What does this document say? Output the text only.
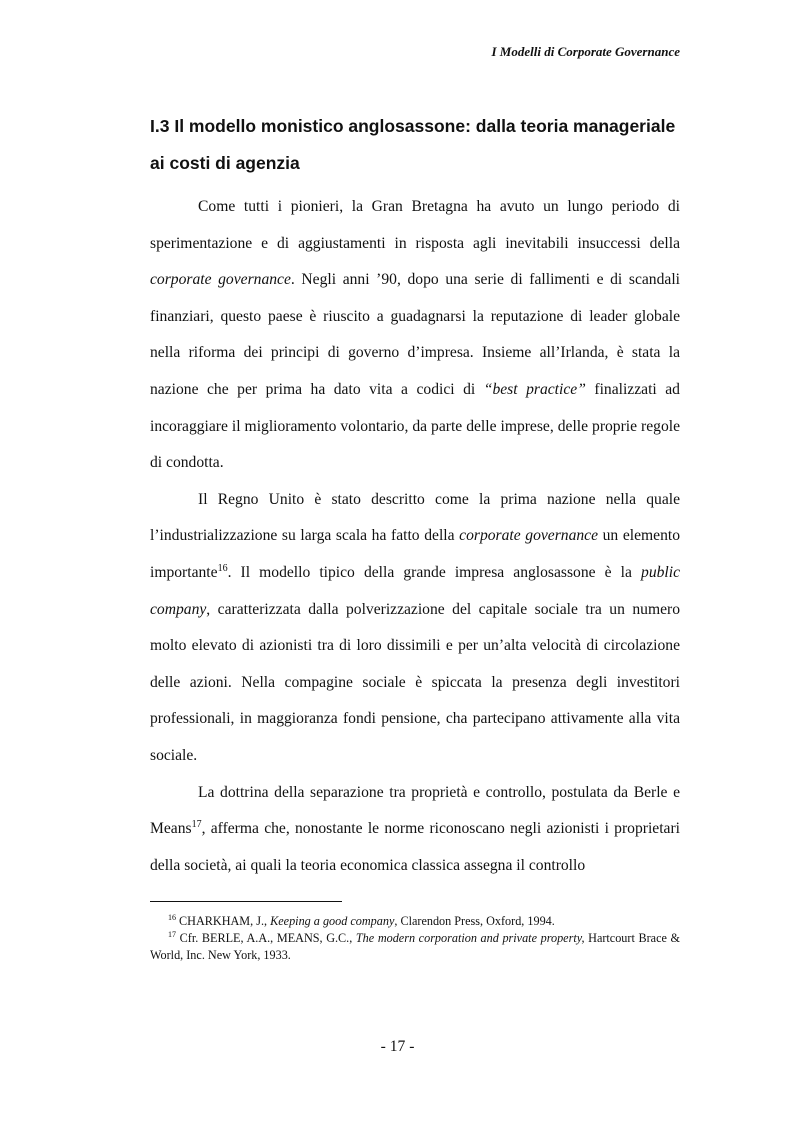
I Modelli di Corporate Governance
I.3 Il modello monistico anglosassone: dalla teoria manageriale ai costi di agenzia

Come tutti i pionieri, la Gran Bretagna ha avuto un lungo periodo di sperimentazione e di aggiustamenti in risposta agli inevitabili insuccessi della corporate governance. Negli anni ’90, dopo una serie di fallimenti e di scandali finanziari, questo paese è riuscito a guadagnarsi la reputazione di leader globale nella riforma dei principi di governo d’impresa. Insieme all’Irlanda, è stata la nazione che per prima ha dato vita a codici di “best practice” finalizzati ad incoraggiare il miglioramento volontario, da parte delle imprese, delle proprie regole di condotta.

Il Regno Unito è stato descritto come la prima nazione nella quale l’industrializzazione su larga scala ha fatto della corporate governance un elemento importante$^{16}$. Il modello tipico della grande impresa anglosassone è la public company, caratterizzata dalla polverizzazione del capitale sociale tra un numero molto elevato di azionisti tra di loro dissimili e per un’alta velocità di circolazione delle azioni. Nella compagine sociale è spiccata la presenza degli investitori professionali, in maggioranza fondi pensione, cha partecipano attivamente alla vita sociale.

La dottrina della separazione tra proprietà e controllo, postulata da Berle e Means$^{17}$, afferma che, nonostante le norme riconoscano negli azionisti i proprietari della società, ai quali la teoria economica classica assegna il controllo

$^{16}$ CHARKHAM, J., Keeping a good company, Clarendon Press, Oxford, 1994.

$^{17}$ Cfr. BERLE, A.A., MEANS, G.C., The modern corporation and private property, Hartcourt Brace & World, Inc. New York, 1933.

- 17 -
